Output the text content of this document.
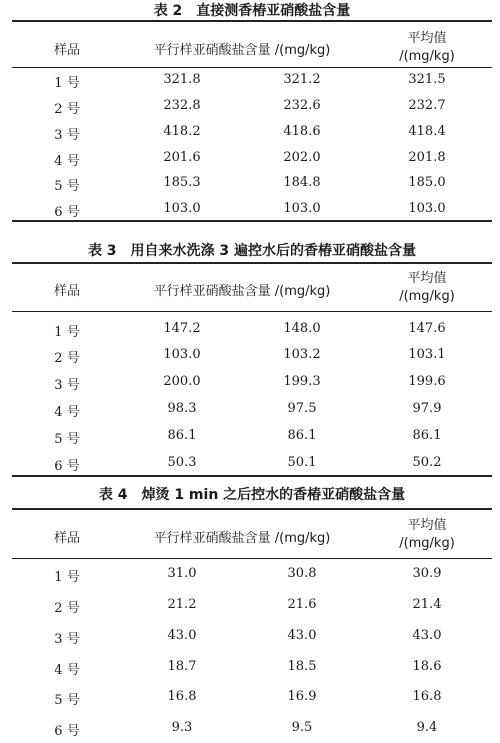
表 2　直接测香椿亚硝酸盐含量
样品	平行样亚硝酸盐含量 /(mg/kg)
平均值
/(mg/kg)
1 号	321.8	321.2	321.5
2 号	232.8	232.6	232.7
3 号	418.2	418.6	418.4
4 号	201.6	202.0	201.8
5 号	185.3	184.8	185.0
6 号	103.0	103.0	103.0
表 3　用自来水洗涤 3 遍控水后的香椿亚硝酸盐含量
样品	平行样亚硝酸盐含量 /(mg/kg)
平均值
/(mg/kg)
1 号	147.2	148.0	147.6
2 号	103.0	103.2	103.1
3 号	200.0	199.3	199.6
4 号	98.3	97.5	97.9
5 号	86.1	86.1	86.1
6 号	50.3	50.1	50.2
表 4　焯烫 1 min 之后控水的香椿亚硝酸盐含量
样品	平行样亚硝酸盐含量 /(mg/kg)
平均值
/(mg/kg)
1 号	31.0	30.8	30.9
2 号	21.2	21.6	21.4
3 号	43.0	43.0	43.0
4 号	18.7	18.5	18.6
5 号	16.8	16.9	16.8
6 号	9.3	9.5	9.4
